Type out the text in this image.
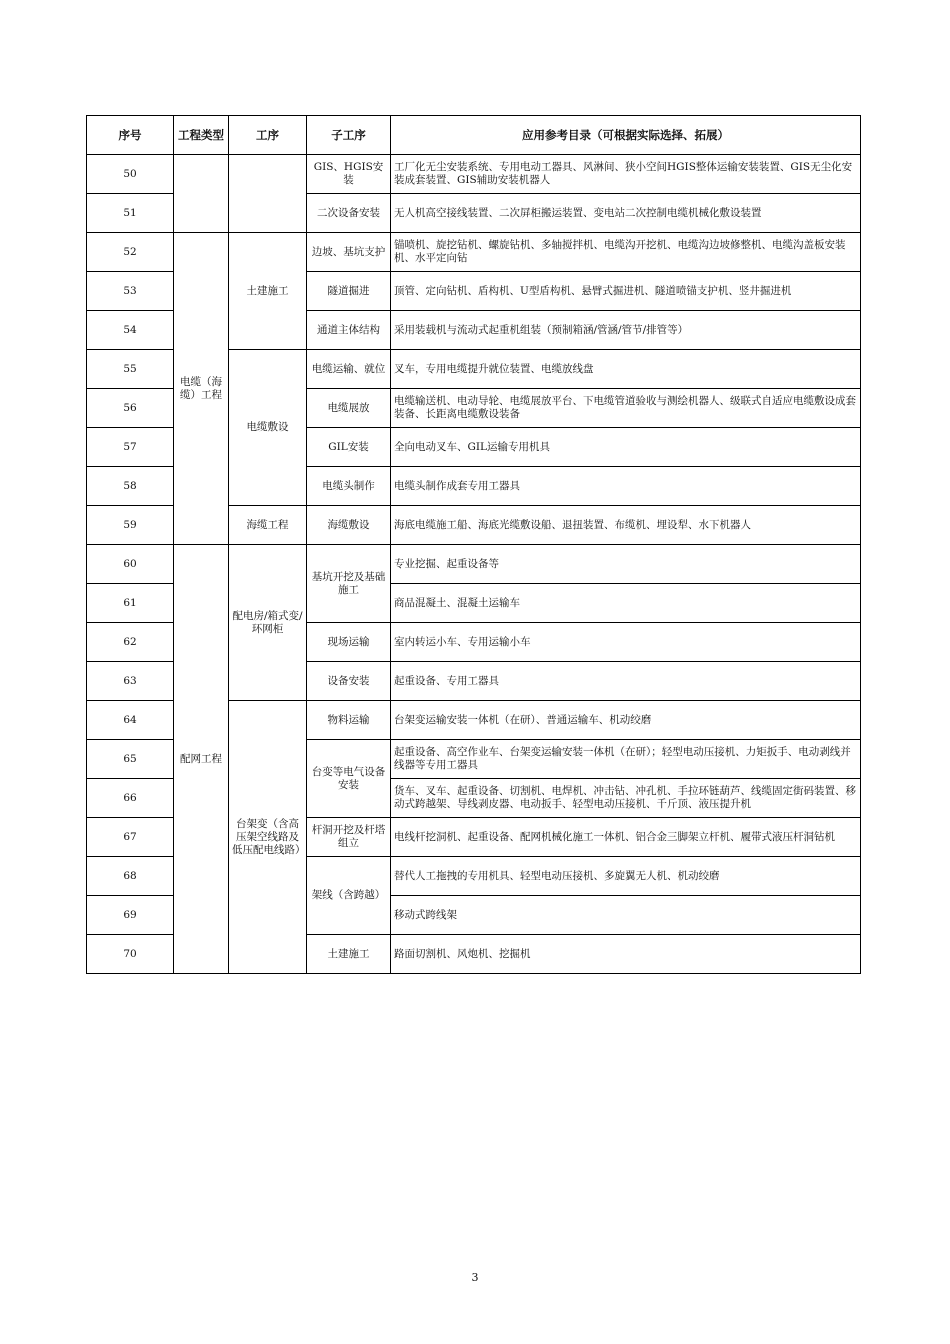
序号	工程类型	工序	子工序	应用参考目录（可根据实际选择、拓展）
50			GIS、HGIS安装	工厂化无尘安装系统、专用电动工器具、风淋间、狭小空间HGIS整体运输安装装置、GIS无尘化安装成套装置、GIS辅助安装机器人
51			二次设备安装	无人机高空接线装置、二次屏柜搬运装置、变电站二次控制电缆机械化敷设装置
52	电缆（海缆）工程	土建施工	边坡、基坑支护	锚喷机、旋挖钻机、螺旋钻机、多轴搅拌机、电缆沟开挖机、电缆沟边坡修整机、电缆沟盖板安装机、水平定向钻
53			隧道掘进	顶管、定向钻机、盾构机、U型盾构机、悬臂式掘进机、隧道喷锚支护机、竖井掘进机
54			通道主体结构	采用装载机与流动式起重机组装（预制箱涵/管涵/管节/排管等）
55		电缆敷设	电缆运输、就位	叉车，专用电缆提升就位装置、电缆放线盘
56			电缆展放	电缆输送机、电动导轮、电缆展放平台、下电缆管道验收与测绘机器人、级联式自适应电缆敷设成套装备、长距离电缆敷设装备
57			GIL安装	全向电动叉车、GIL运输专用机具
58			电缆头制作	电缆头制作成套专用工器具
59		海缆工程	海缆敷设	海底电缆施工船、海底光缆敷设船、退扭装置、布缆机、埋设犁、水下机器人
60	配网工程	配电房/箱式变/环网柜	基坑开挖及基础施工	专业挖掘、起重设备等
61				商品混凝土、混凝土运输车
62			现场运输	室内转运小车、专用运输小车
63			设备安装	起重设备、专用工器具
64		台架变（含高压架空线路及低压配电线路）	物料运输	台架变运输安装一体机（在研）、普通运输车、机动绞磨
65			台变等电气设备安装	起重设备、高空作业车、台架变运输安装一体机（在研）；轻型电动压接机、力矩扳手、电动剥线并线器等专用工器具
66				货车、叉车、起重设备、切割机、电焊机、冲击钻、冲孔机、手拉环链葫芦、线缆固定街码装置、移动式跨越架、导线剥皮器、电动扳手、轻型电动压接机、千斤顶、液压提升机
67			杆洞开挖及杆塔组立	电线杆挖洞机、起重设备、配网机械化施工一体机、铝合金三脚架立杆机、履带式液压杆洞钻机
68			架线（含跨越）	替代人工拖拽的专用机具、轻型电动压接机、多旋翼无人机、机动绞磨
69				移动式跨线架
70			土建施工	路面切割机、风炮机、挖掘机
3
